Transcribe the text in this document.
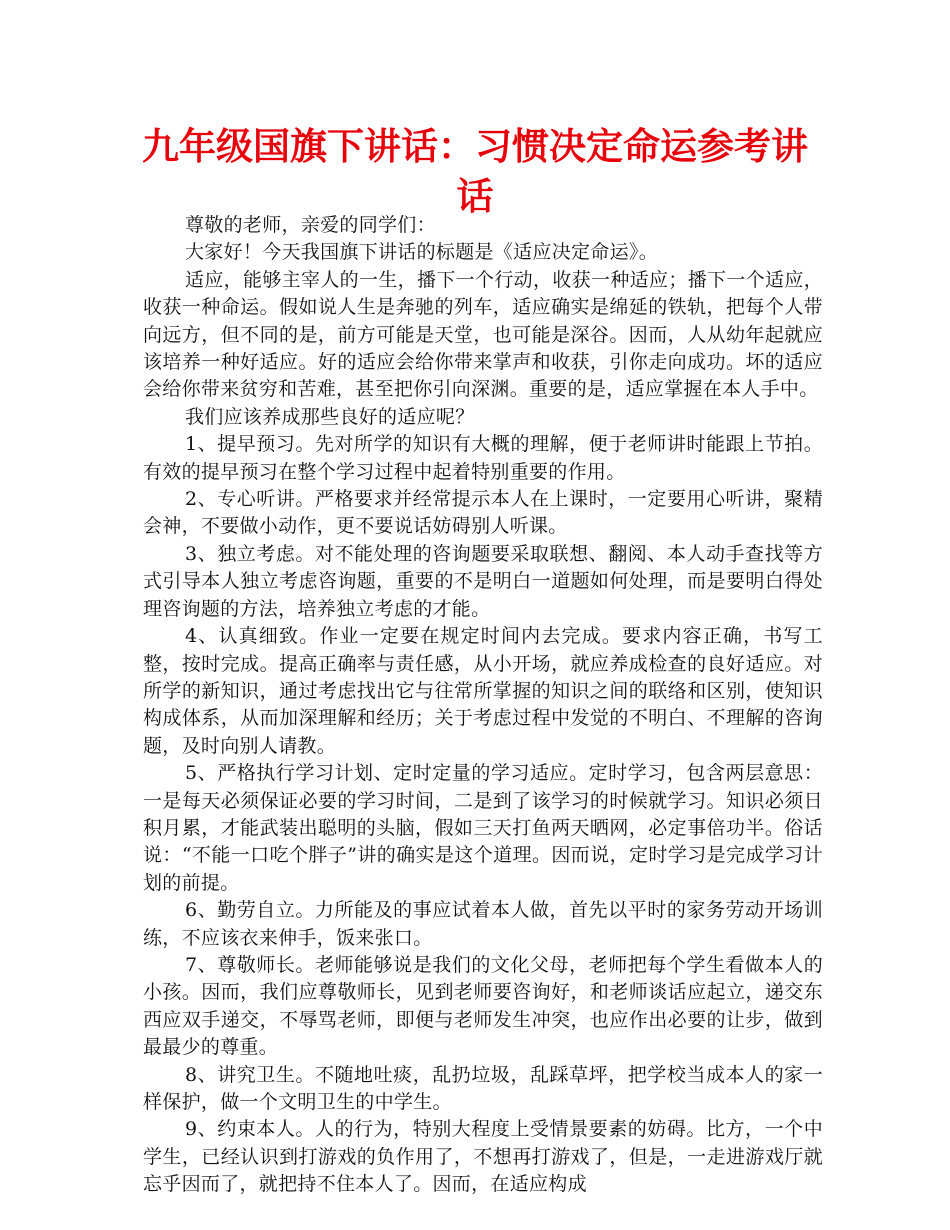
九年级国旗下讲话：习惯决定命运参考讲话

尊敬的老师，亲爱的同学们：

大家好！今天我国旗下讲话的标题是《适应决定命运》。

适应，能够主宰人的一生，播下一个行动，收获一种适应；播下一个适应，收获一种命运。假如说人生是奔驰的列车，适应确实是绵延的铁轨，把每个人带向远方，但不同的是，前方可能是天堂，也可能是深谷。因而，人从幼年起就应该培养一种好适应。好的适应会给你带来掌声和收获，引你走向成功。坏的适应会给你带来贫穷和苦难，甚至把你引向深渊。重要的是，适应掌握在本人手中。

我们应该养成那些良好的适应呢？

1、提早预习。先对所学的知识有大概的理解，便于老师讲时能跟上节拍。有效的提早预习在整个学习过程中起着特别重要的作用。

2、专心听讲。严格要求并经常提示本人在上课时，一定要用心听讲，聚精会神，不要做小动作，更不要说话妨碍别人听课。

3、独立考虑。对不能处理的咨询题要采取联想、翻阅、本人动手查找等方式引导本人独立考虑咨询题，重要的不是明白一道题如何处理，而是要明白得处理咨询题的方法，培养独立考虑的才能。

4、认真细致。作业一定要在规定时间内去完成。要求内容正确，书写工整，按时完成。提高正确率与责任感，从小开场，就应养成检查的良好适应。对所学的新知识，通过考虑找出它与往常所掌握的知识之间的联络和区别，使知识构成体系，从而加深理解和经历；关于考虑过程中发觉的不明白、不理解的咨询题，及时向别人请教。

5、严格执行学习计划、定时定量的学习适应。定时学习，包含两层意思：一是每天必须保证必要的学习时间，二是到了该学习的时候就学习。知识必须日积月累，才能武装出聪明的头脑，假如三天打鱼两天晒网，必定事倍功半。俗话说：“不能一口吃个胖子”讲的确实是这个道理。因而说，定时学习是完成学习计划的前提。

6、勤劳自立。力所能及的事应试着本人做，首先以平时的家务劳动开场训练，不应该衣来伸手，饭来张口。

7、尊敬师长。老师能够说是我们的文化父母，老师把每个学生看做本人的小孩。因而，我们应尊敬师长，见到老师要咨询好，和老师谈话应起立，递交东西应双手递交，不辱骂老师，即便与老师发生冲突，也应作出必要的让步，做到最最少的尊重。

8、讲究卫生。不随地吐痰，乱扔垃圾，乱踩草坪，把学校当成本人的家一样保护，做一个文明卫生的中学生。

9、约束本人。人的行为，特别大程度上受情景要素的妨碍。比方，一个中学生，已经认识到打游戏的负作用了，不想再打游戏了，但是，一走进游戏厅就忘乎因而了，就把持不住本人了。因而，在适应构成
